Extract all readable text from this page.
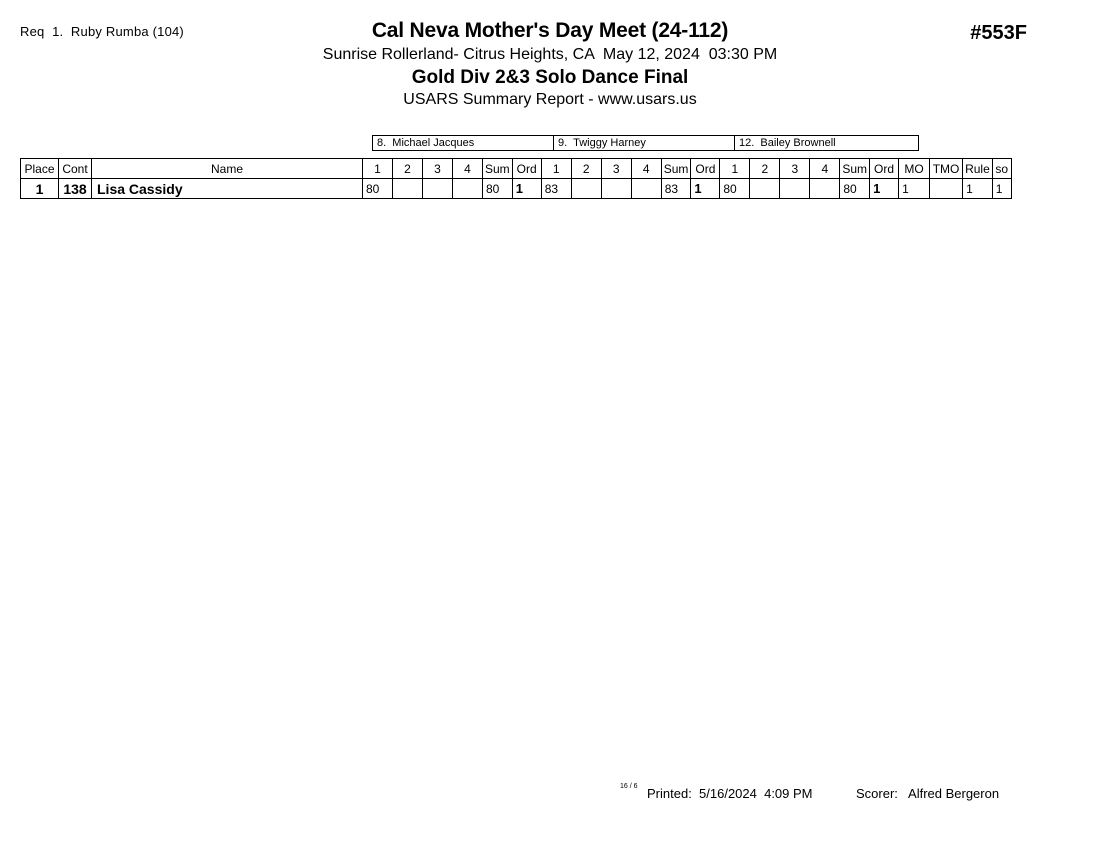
Req  1.  Ruby Rumba (104)	#553F
Cal Neva Mother's Day Meet (24-112)
Sunrise Rollerland- Citrus Heights, CA  May 12, 2024  03:30 PM
Gold Div 2&3 Solo Dance Final
USARS Summary Report - www.usars.us
8.  Michael Jacques	9.  Twiggy Harney	12.  Bailey Brownell
Place	Cont	Name	1	2	3	4	Sum	Ord	1	2	3	4	Sum	Ord	1	2	3	4	Sum	Ord	MO	TMO	Rule	so
1	138	Lisa Cassidy	80				80	1	83				83	1	80				80	1	1		1	1
16 / 6 Printed:  5/16/2024  4:09 PM	Scorer:   Alfred Bergeron
